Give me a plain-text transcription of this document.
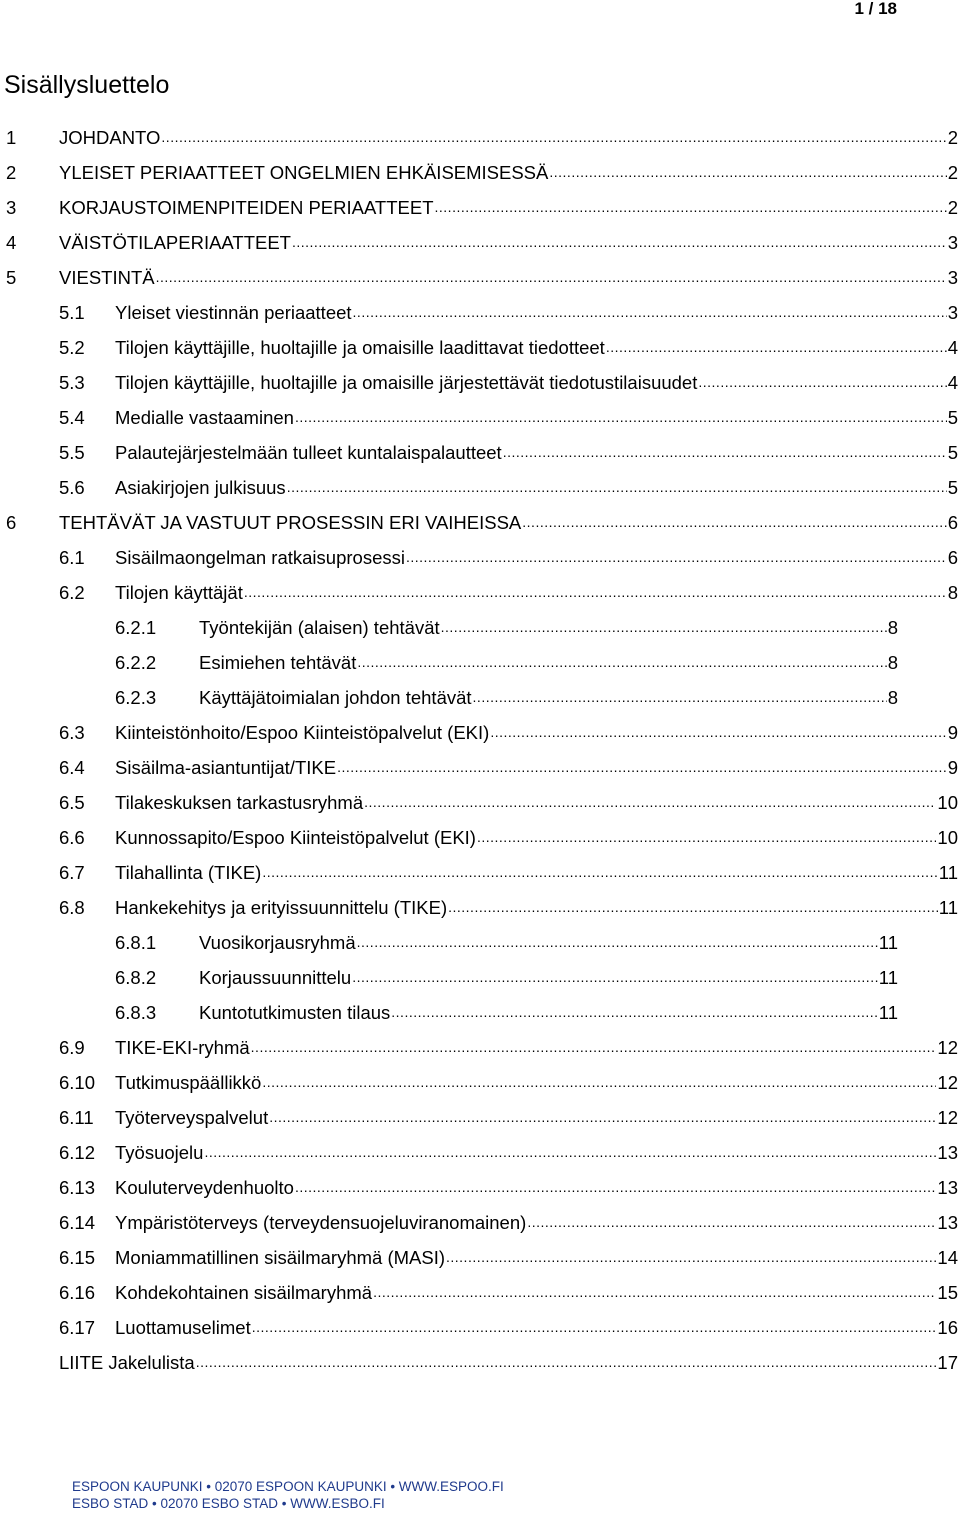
1 / 18
Sisällysluettelo
1 JOHDANTO .....	2
2 YLEISET PERIAATTEET ONGELMIEN EHKÄISEMISESSÄ .....	2
3 KORJAUSTOIMENPITEIDEN PERIAATTEET .....	2
4 VÄISTÖTILAPERIAATTEET .....	3
5 VIESTINTÄ .....	3
5.1 Yleiset viestinnän periaatteet .....	3
5.2 Tilojen käyttäjille, huoltajille ja omaisille laadittavat tiedotteet .....	4
5.3 Tilojen käyttäjille, huoltajille ja omaisille järjestettävät tiedotustilaisuudet .....	4
5.4 Medialle vastaaminen .....	5
5.5 Palautejärjestelmään tulleet kuntalaispalautteet .....	5
5.6 Asiakirjojen julkisuus .....	5
6 TEHTÄVÄT JA VASTUUT PROSESSIN ERI VAIHEISSA .....	6
6.1 Sisäilmaongelman ratkaisuprosessi .....	6
6.2 Tilojen käyttäjät .....	8
6.2.1 Työntekijän (alaisen) tehtävät .....	8
6.2.2 Esimiehen tehtävät .....	8
6.2.3 Käyttäjätoimialan johdon tehtävät .....	8
6.3 Kiinteistönhoito/Espoo Kiinteistöpalvelut (EKI) .....	9
6.4 Sisäilma-asiantuntijat/TIKE .....	9
6.5 Tilakeskuksen tarkastusryhmä .....	10
6.6 Kunnossapito/Espoo Kiinteistöpalvelut (EKI) .....	10
6.7 Tilahallinta (TIKE) .....	11
6.8 Hankekehitys ja erityissuunnittelu (TIKE) .....	11
6.8.1 Vuosikorjausryhmä .....	11
6.8.2 Korjaussuunnittelu .....	11
6.8.3 Kuntotutkimusten tilaus .....	11
6.9 TIKE-EKI-ryhmä .....	12
6.10 Tutkimuspäällikkö .....	12
6.11 Työterveyspalvelut .....	12
6.12 Työsuojelu .....	13
6.13 Kouluterveydenhuolto .....	13
6.14 Ympäristöterveys (terveydensuojeluviranomainen) .....	13
6.15 Moniammatillinen sisäilmaryhmä (MASI) .....	14
6.16 Kohdekohtainen sisäilmaryhmä .....	15
6.17 Luottamuselimet .....	16
LIITE Jakelulista .....	17
ESPOON KAUPUNKI • 02070 ESPOON KAUPUNKI • WWW.ESPOO.FI
ESBO STAD • 02070 ESBO STAD • WWW.ESBO.FI
